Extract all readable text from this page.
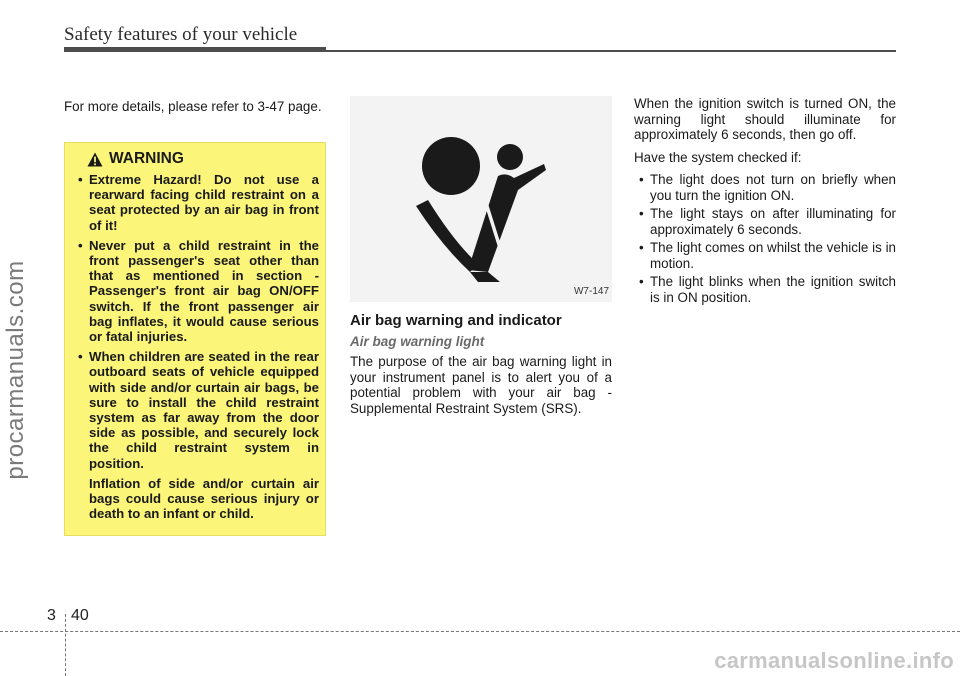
Safety features of your vehicle
procarmanuals.com

For more details, please refer to 3-47 page.

WARNING

• Extreme Hazard! Do not use a rearward facing child restraint on a seat protected by an air bag in front of it!

• Never put a child restraint in the front passenger's seat other than that as mentioned in section - Passenger's front air bag ON/OFF switch. If the front passenger air bag inflates, it would cause serious or fatal injuries.

• When children are seated in the rear outboard seats of vehicle equipped with side and/or curtain air bags, be sure to install the child restraint system as far away from the door side as possible, and securely lock the child restraint system in position.

Inflation of side and/or curtain air bags could cause serious injury or death to an infant or child.

W7-147
Air bag warning and indicator
Air bag warning light

The purpose of the air bag warning light in your instrument panel is to alert you of a potential problem with your air bag - Supplemental Restraint System (SRS).

When the ignition switch is turned ON, the warning light should illuminate for approximately 6 seconds, then go off.

Have the system checked if:

• The light does not turn on briefly when you turn the ignition ON.

• The light stays on after illuminating for approximately 6 seconds.

• The light comes on whilst the vehicle is in motion.

• The light blinks when the ignition switch is in ON position.

3 40
carmanualsonline.info
